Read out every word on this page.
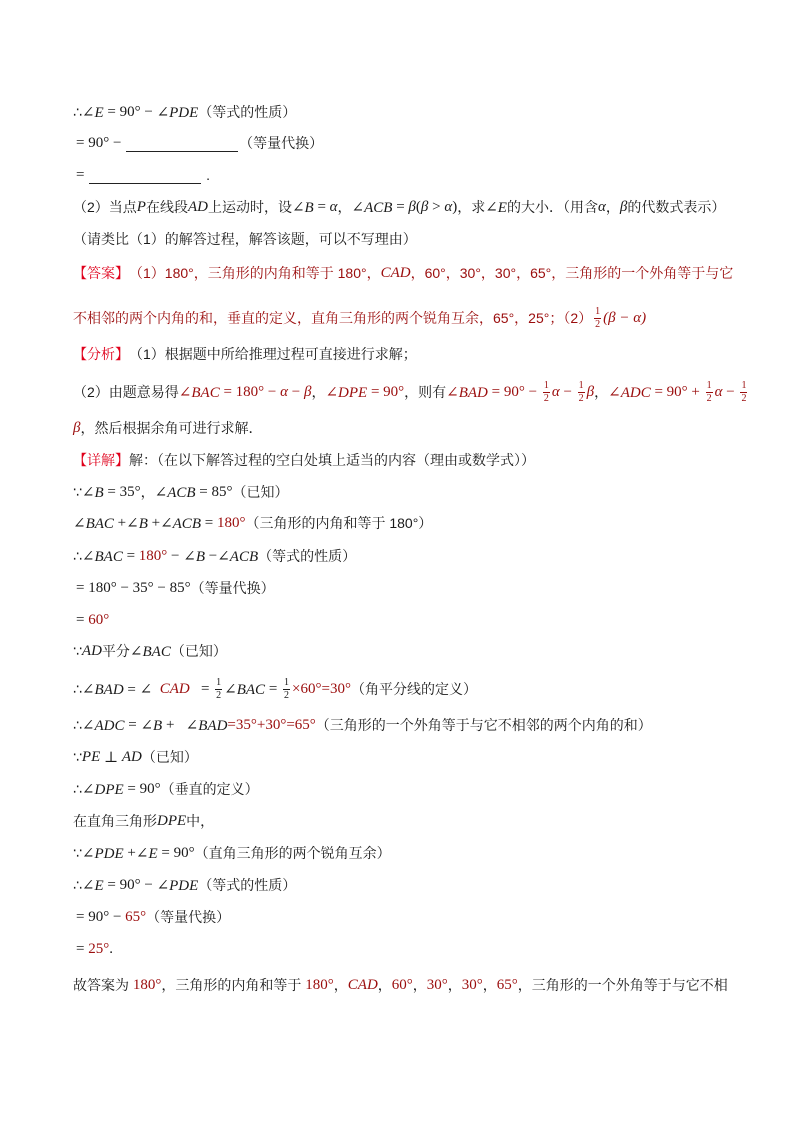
∴ ∠E = 90° − ∠PDE （等式的性质）
= 90° −	（等量代换）
=	.
（2）当点 P 在线段 AD 上运动时，设 ∠B = α ， ∠ACB = β ( β > α ) ，求 ∠E 的大小．（用含 α ， β 的代数式表示）
（请类比（1）的解答过程，解答该题，可以不写理由）
【答案】 （1）180°，三角形的内角和等于 180°， CAD ，60°，30°，30°，65°，三角形的一个外角等于与它
不相邻的两个内角的和，垂直的定义，直角三角形的两个锐角互余，65°，25°；$(2) \frac{1}{2} (\beta - \alpha)$
【分析】 （1）根据题中所给推理过程可直接进行求解；
（2）由题意易得 ∠BAC = 180° − α − β ， ∠DPE = 90° ，则有 ∠BAD = $90^\circ - \frac{1}{2}$ $\alpha - \frac{1}{2}$ β ， ∠ADC = $90^\circ + \frac{1}{2}$ $\alpha - \frac{1}{2}$
β ，然后根据余角可进行求解．
【详解】 解：（在以下解答过程的空白处填上适当的内容（理由或数学式））
∵ ∠B = 35° ， ∠ACB = 85° （已知）
∠BAC + ∠B + ∠ACB = 180° （三角形的内角和等于 180°）
∴ ∠BAC = 180° − ∠B − ∠ACB （等式的性质）
= 180° − 35° − 85° （等量代换）
= 60°
∵ AD 平分 ∠BAC （已知）
∴ ∠BAD = ∠ CAD = $\frac{1}{2}$ ∠BAC = $\frac{1}{2} \times 60^\circ=30^\circ$ （角平分线的定义）
∴ ∠ADC = ∠B + ∠BAD =35°+30°=65° （三角形的一个外角等于与它不相邻的两个内角的和）
∵ PE ⊥ AD （已知）
∴ ∠DPE = 90° （垂直的定义）
在直角三角形 DPE 中，
∵ ∠PDE + ∠E = 90° （直角三角形的两个锐角互余）
∴ ∠E = 90° − ∠PDE （等式的性质）
= 90° − 65° （等量代换）
= 25° .
故答案为 180° ，三角形的内角和等于 180° ， CAD ， 60° ， 30° ， 30° ， 65° ，三角形的一个外角等于与它不相
